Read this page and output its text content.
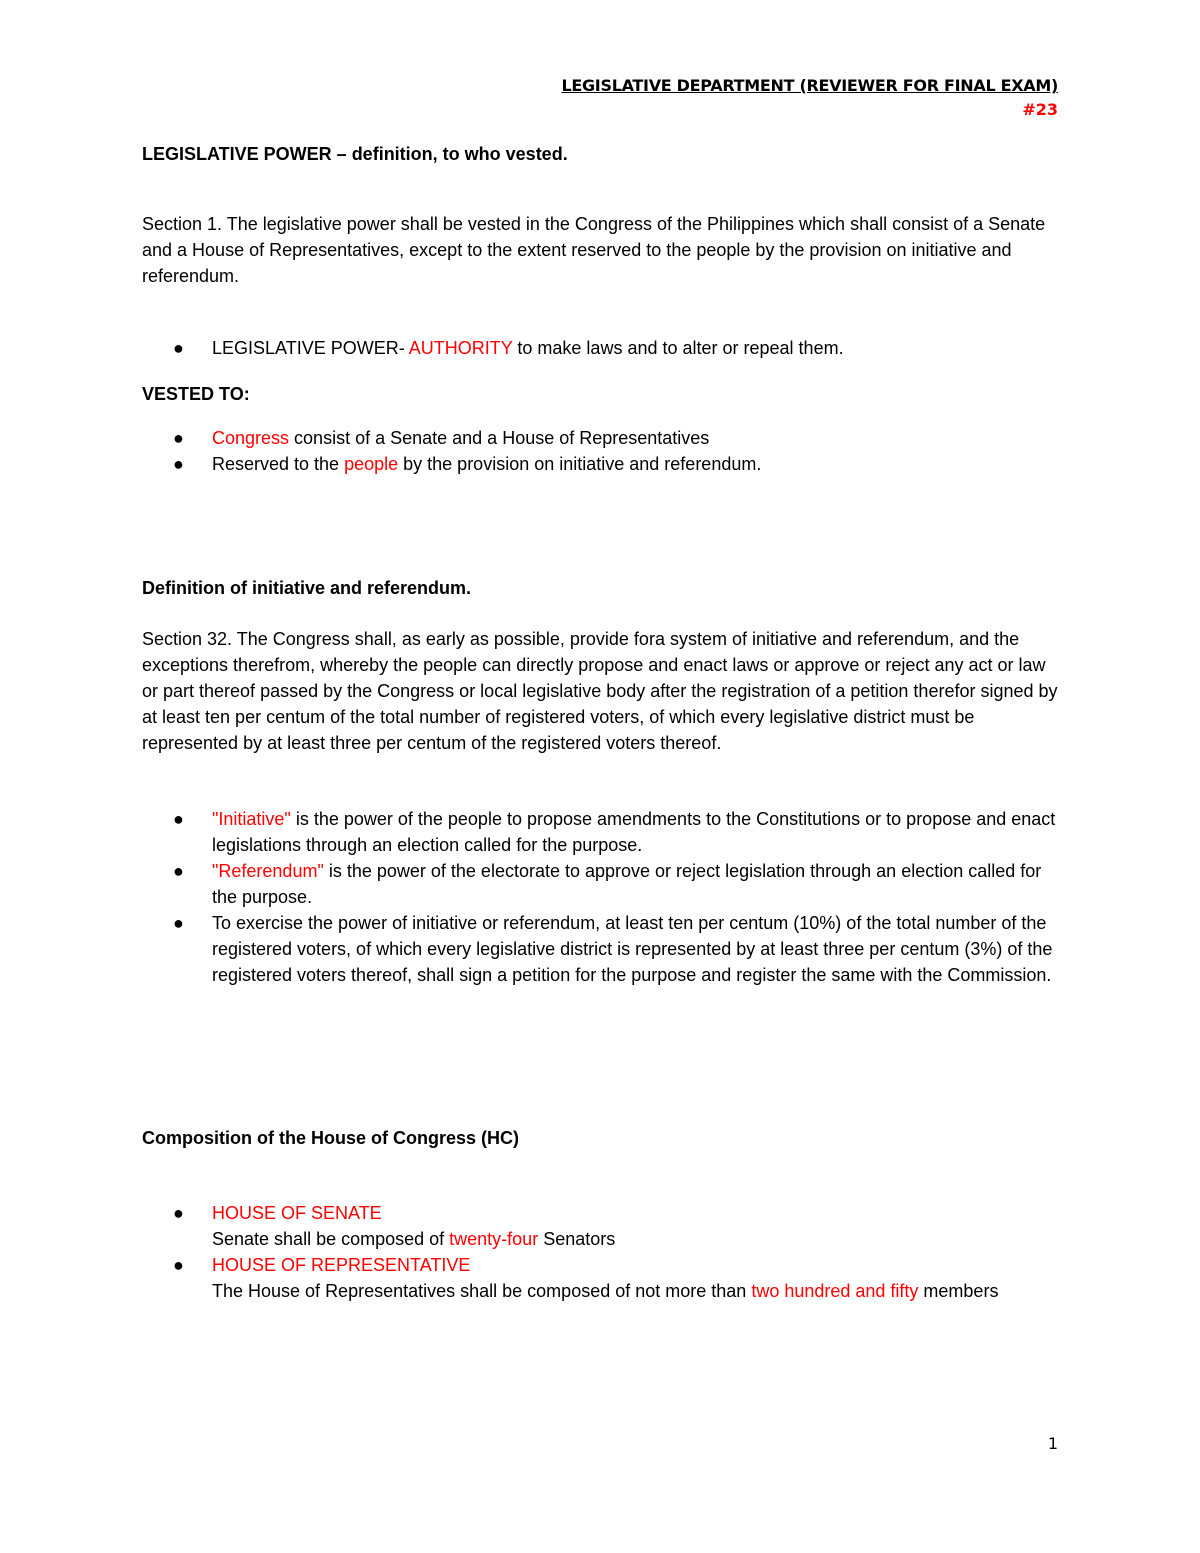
LEGISLATIVE DEPARTMENT (REVIEWER FOR FINAL EXAM)
#23
LEGISLATIVE POWER – definition, to who vested.
Section 1. The legislative power shall be vested in the Congress of the Philippines which shall consist of a Senate and a House of Representatives, except to the extent reserved to the people by the provision on initiative and referendum.
● LEGISLATIVE POWER- AUTHORITY to make laws and to alter or repeal them.
VESTED TO:
● Congress consist of a Senate and a House of Representatives
● Reserved to the people by the provision on initiative and referendum.
Definition of initiative and referendum.
Section 32. The Congress shall, as early as possible, provide fora system of initiative and referendum, and the exceptions therefrom, whereby the people can directly propose and enact laws or approve or reject any act or law or part thereof passed by the Congress or local legislative body after the registration of a petition therefor signed by at least ten per centum of the total number of registered voters, of which every legislative district must be represented by at least three per centum of the registered voters thereof.
● "Initiative" is the power of the people to propose amendments to the Constitutions or to propose and enact legislations through an election called for the purpose.
● "Referendum" is the power of the electorate to approve or reject legislation through an election called for the purpose.
● To exercise the power of initiative or referendum, at least ten per centum (10%) of the total number of the registered voters, of which every legislative district is represented by at least three per centum (3%) of the registered voters thereof, shall sign a petition for the purpose and register the same with the Commission.
Composition of the House of Congress (HC)
● HOUSE OF SENATE
Senate shall be composed of twenty-four Senators
● HOUSE OF REPRESENTATIVE
The House of Representatives shall be composed of not more than two hundred and fifty members
1
